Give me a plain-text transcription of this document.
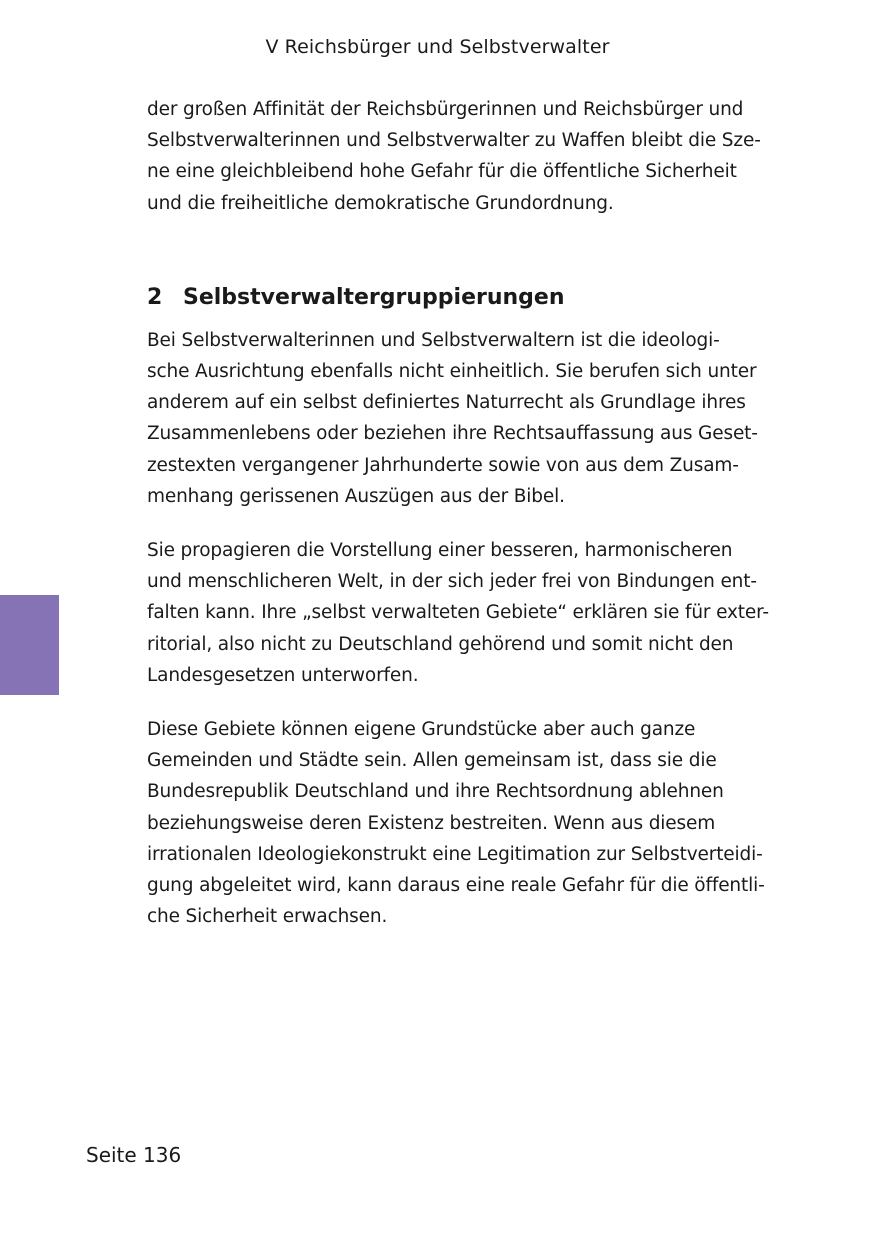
V Reichsbürger und Selbstverwalter
der großen Affinität der Reichsbürgerinnen und Reichsbürger und
Selbstverwalterinnen und Selbstverwalter zu Waffen bleibt die Sze-
ne eine gleichbleibend hohe Gefahr für die öffentliche Sicherheit
und die freiheitliche demokratische Grundordnung.
2 Selbstverwaltergruppierungen
Bei Selbstverwalterinnen und Selbstverwaltern ist die ideologi-
sche Ausrichtung ebenfalls nicht einheitlich. Sie berufen sich unter
anderem auf ein selbst definiertes Naturrecht als Grundlage ihres
Zusammenlebens oder beziehen ihre Rechtsauffassung aus Geset-
zestexten vergangener Jahrhunderte sowie von aus dem Zusam-
menhang gerissenen Auszügen aus der Bibel.
Sie propagieren die Vorstellung einer besseren, harmonischeren
und menschlicheren Welt, in der sich jeder frei von Bindungen ent-
falten kann. Ihre „selbst verwalteten Gebiete“ erklären sie für exter-
ritorial, also nicht zu Deutschland gehörend und somit nicht den
Landesgesetzen unterworfen.
Diese Gebiete können eigene Grundstücke aber auch ganze
Gemeinden und Städte sein. Allen gemeinsam ist, dass sie die
Bundesrepublik Deutschland und ihre Rechtsordnung ablehnen
beziehungsweise deren Existenz bestreiten. Wenn aus diesem
irrationalen Ideologiekonstrukt eine Legitimation zur Selbstverteidi-
gung abgeleitet wird, kann daraus eine reale Gefahr für die öffentli-
che Sicherheit erwachsen.
Seite 136
